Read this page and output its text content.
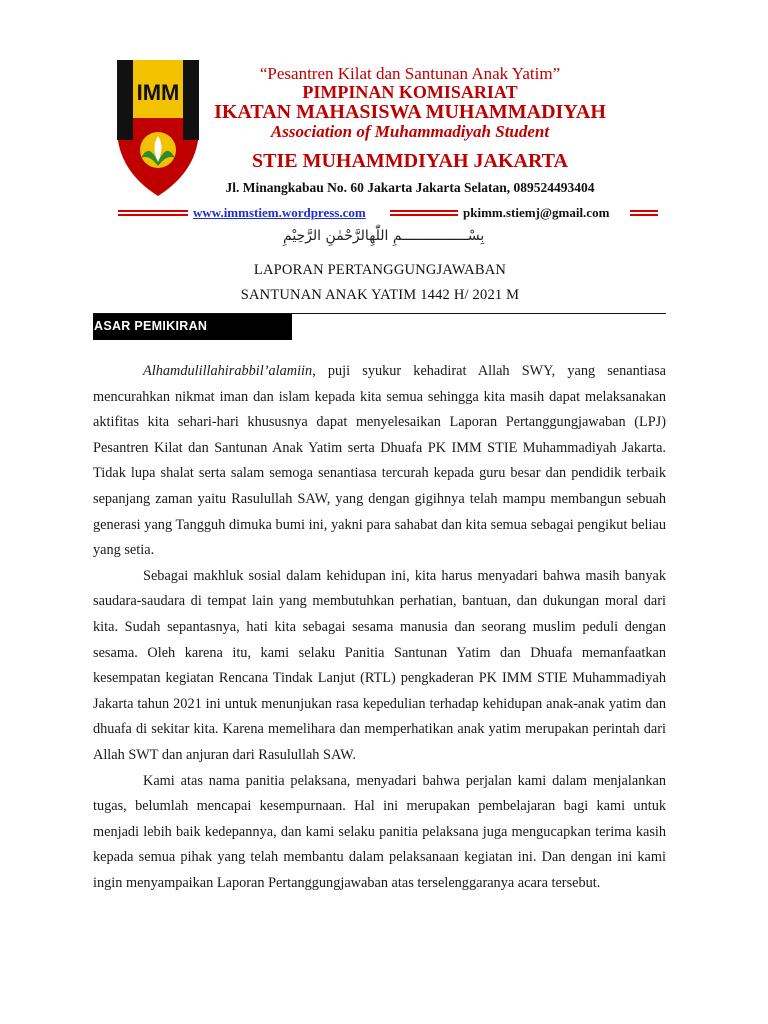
IMM

“Pesantren Kilat dan Santunan Anak Yatim”

PIMPINAN KOMISARIAT

IKATAN MAHASISWA MUHAMMADIYAH

Association of Muhammadiyah Student

STIE MUHAMMDIYAH JAKARTA

Jl. Minangkabau No. 60 Jakarta Jakarta Selatan, 089524493404

www.immstiem.wordpress.com	pkimm.stiemj@gmail.com
بِسْــــــــــــــــمِ اللّٰهِالرَّحْمٰنِ الرَّحِيْمِ
LAPORAN PERTANGGUNGJAWABAN
SANTUNAN ANAK YATIM 1442 H/ 2021 M
ASAR PEMIKIRAN

Alhamdulillahirabbil’alamiin, puji syukur kehadirat Allah SWY, yang senantiasa mencurahkan nikmat iman dan islam kepada kita semua sehingga kita masih dapat melaksanakan aktifitas kita sehari-hari khususnya dapat menyelesaikan Laporan Pertanggungjawaban (LPJ) Pesantren Kilat dan Santunan Anak Yatim serta Dhuafa PK IMM STIE Muhammadiyah Jakarta. Tidak lupa shalat serta salam semoga senantiasa tercurah kepada guru besar dan pendidik terbaik sepanjang zaman yaitu Rasulullah SAW, yang dengan gigihnya telah mampu membangun sebuah generasi yang Tangguh dimuka bumi ini, yakni para sahabat dan kita semua sebagai pengikut beliau yang setia.

Sebagai makhluk sosial dalam kehidupan ini, kita harus menyadari bahwa masih banyak saudara-saudara di tempat lain yang membutuhkan perhatian, bantuan, dan dukungan moral dari kita. Sudah sepantasnya, hati kita sebagai sesama manusia dan seorang muslim peduli dengan sesama. Oleh karena itu, kami selaku Panitia Santunan Yatim dan Dhuafa memanfaatkan kesempatan kegiatan Rencana Tindak Lanjut (RTL) pengkaderan PK IMM STIE Muhammadiyah Jakarta tahun 2021 ini untuk menunjukan rasa kepedulian terhadap kehidupan anak-anak yatim dan dhuafa di sekitar kita. Karena memelihara dan memperhatikan anak yatim merupakan perintah dari Allah SWT dan anjuran dari Rasulullah SAW.

Kami atas nama panitia pelaksana, menyadari bahwa perjalan kami dalam menjalankan tugas, belumlah mencapai kesempurnaan. Hal ini merupakan pembelajaran bagi kami untuk menjadi lebih baik kedepannya, dan kami selaku panitia pelaksana juga mengucapkan terima kasih kepada semua pihak yang telah membantu dalam pelaksanaan kegiatan ini. Dan dengan ini kami ingin menyampaikan Laporan Pertanggungjawaban atas terselenggaranya acara tersebut.
